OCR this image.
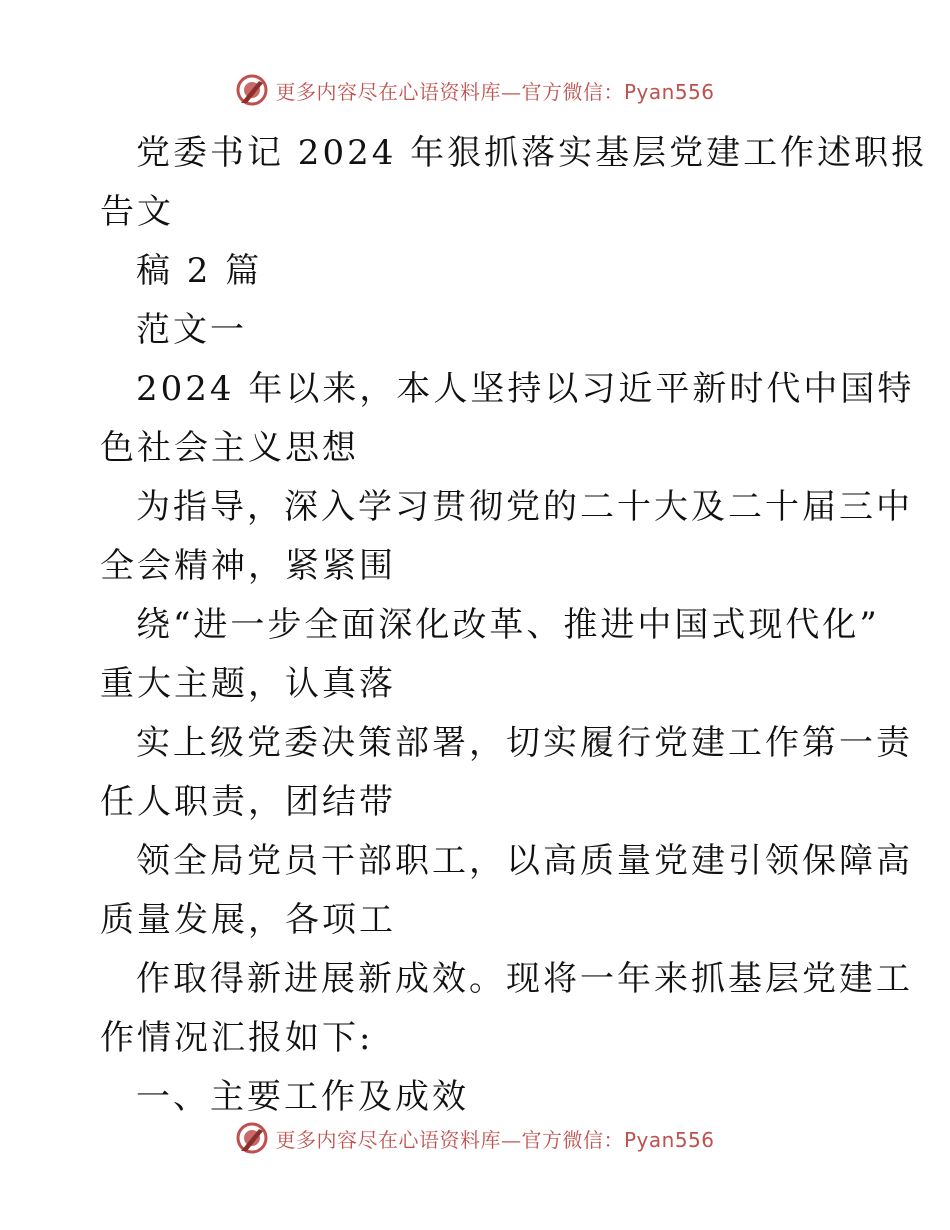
更多内容尽在心语资料库—官方微信：Pyan556
党委书记 2024 年狠抓落实基层党建工作述职报
告文
稿 2 篇
范文一
2024 年以来，本人坚持以习近平新时代中国特
色社会主义思想
为指导，深入学习贯彻党的二十大及二十届三中
全会精神，紧紧围
绕“进一步全面深化改革、推进中国式现代化”
重大主题，认真落
实上级党委决策部署，切实履行党建工作第一责
任人职责，团结带
领全局党员干部职工，以高质量党建引领保障高
质量发展，各项工
作取得新进展新成效。现将一年来抓基层党建工
作情况汇报如下:
一、主要工作及成效
更多内容尽在心语资料库—官方微信：Pyan556
